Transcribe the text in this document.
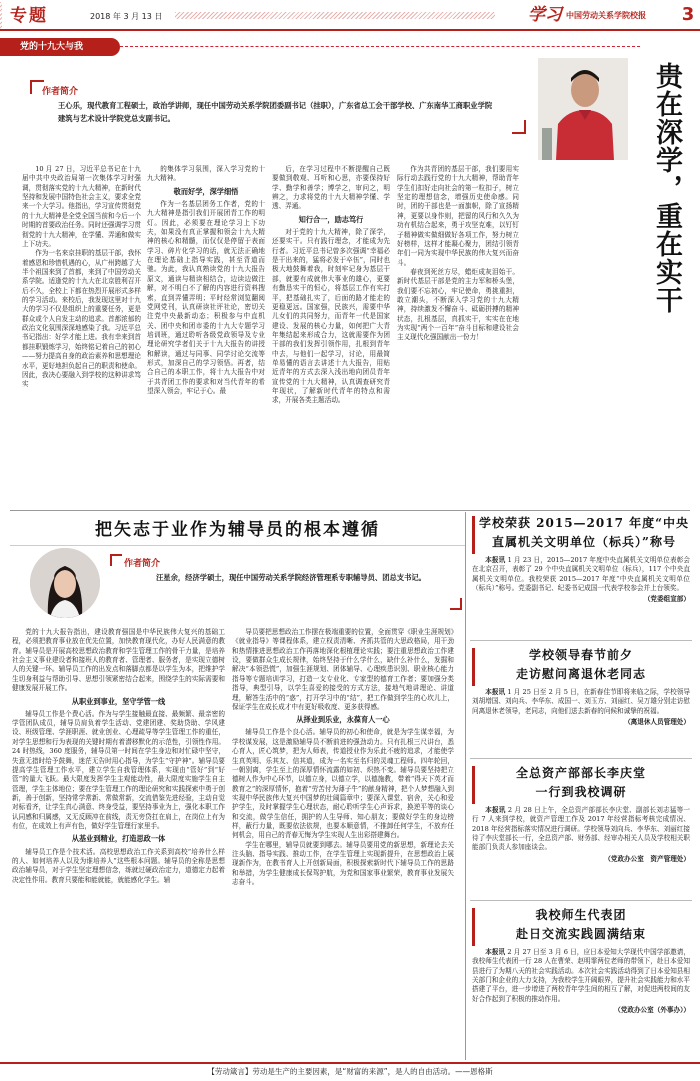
专题	2018 年 3 月 13 日	学习 中国劳动关系学院校报 3
党的十九大与我
作者简介
王心乐，现代教育工程硕士，政治学讲师，现任中国劳动关系学院团委副书记（挂职），广东省总工会干部学校、广东南华工商职业学院建筑与艺术设计学院党总支副书记。	贵在深学，重在实干

10 月 27 日，习近平总书记在十九届中共中央政治局第一次集体学习时强调，贯彻落实党的十九大精神，在新时代坚持和发展中国特色社会主义，要求全党来一个大学习。他指出，学习宣传贯彻党的十九大精神是全党全国当前和今后一个时期的首要政治任务。同时还强调学习贯彻党的十九大精神，在学懂、弄通和做实上下功夫。

作为一名来京挂职的基层干部，我怀着感恩和珍惜机遇的心，从广州跨越了大半个祖国来到了首都，来到了中国劳动关系学院。适逢党的十九大在北京胜利召开后不久，全校上下都在热烈开展形式多样的学习活动。来校后，我发现这里对十九大的学习不仅是组织上的重要任务，更是群众或个人自发主动的追求。首都浓郁的政治文化氛围深深地感染了我。习近平总书记指出：好学才能上进。我有幸来到首都挂职锻炼学习，始终铭记着自己的初心——努力提高自身的政治素养和思想理论水平，更好地担负起自己的职责和使命。因此，我决心要融入到学校的这种讲求笃实

的集体学习氛围，深入学习党的十九大精神。

敬而好学，深学细悟

作为一名基层团务工作者，党的十九大精神是指引我们开展团青工作的明灯。因此，必须要在理论学习上下功夫，如果没有真正掌握和领会十九大精神的核心和精髓，而仅仅是停留于表面学习、碎片化学习的话，就无法正确地在理论基础上指导实践，甚至背道而驰。为此，我认真熟读党的十九大报告原文，通读与精读相结合，边读边做注解，对不明白不了解的内容进行资料搜索，直到弄懂弄明；平时经常浏览翻阅党网党刊，认真研读社评社论，密切关注党中央最新动态；积极参与中直机关、团中央和团市委的十九大专题学习培训班，通过聆听各级党政领导及专业理论研究学者们关于十九大报告的讲授和解读，通过与同事、同学讨论交流等形式，加深自己的学习领悟。再者，结合自己的本职工作，将十九大报告中对于共青团工作的要求和对当代青年的希望深入领会，牢记于心。最

后，在学习过程中不断提醒自己既要做到敬观、耳听和心思，亦要保持好学、勤学和善学；博学之，审问之，明辨之，力求将党的十九大精神学懂、学透、弄通。

知行合一，励志笃行

对于党的十九大精神，除了深学，还要实干。只有践行理念，才能成为先行者。习近平总书记曾多次强调“幸福必是干出来的，猛将必发于卒伍”，同时也极大地鼓舞着我，时刻牢记身为基层干部，就要有成就伟大事业的雄心，更要有勤恳实干的恒心，将基层工作有实打平，把基础扎实了，后面的路才能走的更稳更远。国家强，民族兴，需要中华儿女们的共同努力，而青年一代是国家建设、发展的核心力量，如何把广大青年集结起来形成合力，这就需要作为团干部的我们发挥引领作用，扎根到青年中去，与他们一起学习，讨论，用最简单易懂的语言去讲述十九大报告，用贴近青年的方式去深入浅出地向团员青年宣传党的十九大精神，认真调查研究青年现状，了解新时代青年的特点和需求，开展各类主题活动。

作为共青团的基层干部，我们要用实际行动去践行党的十九大精神，帮助青年学生们扣好走向社会的第一粒扣子，树立坚定的理想信念，增强历史使命感。同时，团的干部也是一面旗帜，除了宣扬精神，更要以身作则，把留的风行和久久为功有机结合起来，勇于攻坚克难，以钉钉子精神做实做细做好各项工作，努力树立好榜样，这样才能凝心聚力，团结引领青年们一同为实现中华民族的伟大复兴而奋斗。

春夜到死丝方尽，蜡炬成灰泪始干。新时代基层干部是党的主力军和桥头堡，我们要不忘初心，牢记使命，勇挑重担，敢立潮头，不断深入学习党的十九大精神，持续激发不懈奋斗、砥砺拼搏的精神状态，扎根基层，真抓实干，实实在在地为实现“两个一百年”奋斗目标和建设社会主义现代化强国献出一份力！

把矢志于业作为辅导员的根本遵循
作者简介
汪星余，经济学硕士，现任中国劳动关系学院经济管理系专职辅导员、团总支书记。

党的十九大报告指出，建设教育强国是中华民族伟大复兴的基础工程，必须把教育事业放在优先位置，加快教育现代化，办好人民满意的教育。辅导员是开展高校思想政治教育和学生管理工作的骨干力量，是培养社会主义事业建设者和接班人的教育者、管理者、服务者，是实现立德树人的关键一环。辅导员工作的出发点和落脚点都是以学生为本，把维护学生切身利益与帮助引导、思想引领紧密结合起来，围绕学生的实际需要和健康发展开展工作。

从职业到事业，坚守学管一线

辅导员工作是个费心活。作为与学生接触最直接、最频繁、最亲密的学管团队成员，辅导员肩负着学生活动、党建团建、奖助贷助、学风建设、班级管理、学涯职涯、就业创业、心理疏导等学生管理工作的重任，对学生思想和行为表现的关键时期有着潜移默化的示范性，引领性作用。24 时热线，360 度服务，辅导员第一时间在学生身边和对忙碌中坚守，失意无措时给予鼓舞，迷茫无告时用心指导，为学生“守护神”。辅导员要提高学生管理工作水平，建立学生自我管理体系，实现由“管好”到“好管”的量大飞跃。最大限度发挥学生主观能动性，最大限度实施学生自主管理，学生主体地位；要在学生管理工作的理论研究和实践探索中勇于创新，善于创新，坚持常学常新、常做常新，交流借鉴先进经验，主动自觉对标看齐，让学生真心满意、终身受益，要坚持事业为上，强化本职工作认同感和归属感，又无反顾冲在前线，责无旁贷扛在肩上，在岗位上有为有位，在成效上有声有色，做好学生管理行家里手。

从基业到精业，打造思政一体

辅导员工作是个技术活。高校思想政治工作关系到高校“培养什么样的人、如何培养人以及为谁培养人”这些根本问题。辅导员的全称是思想政治辅导员，对于学生坚定理想信念，练就过硬政治定力，道德定力起着决定性作用。教育只要能和能就能，就能感化学生。辅

导员要把思想政治工作摆在极端重要的位置，全面贯穿《职业生涯规划》《就业指导》等课程体系，建立权责清晰、齐抓共管的大思政格局，用干劲和热情推进思想政治工作再落地深化根植理论实践；要注重思想政治工作建设，要做群众生成长规律，始终坚持于什么学什么，缺什么补什么，发掘和解决“本领恐慌”，加强生涯规划、团体辅导、心理疾患识别、职业核心能力指导等专题培训学习，打造一支专业化、专家型的德育工作者；要加强分类指导，典型引导，以学生喜爱的接受的方式方法，接地气地讲理论、讲道理，解答生活中的“惑”，打开学习中的“结”，把工作做到学生的心坎儿上，保证学生在成长成才中有更好吸收度、更多获得感。

从择业到乐业，永葆育人一心

辅导员工作是个良心活。辅导员的初心和使命，就是为学生谋幸福，为学校谋发展，这是激励辅导员不断前进的强劲动力。只有扎根三尺讲台，悉心育人，匠心筑梦，把为人师表，传道授业作为乐此不疲的追求，才能使学生真英明、乐其友、信其道，成为一名实至名归的灵魂工程师。四年轮回，一朝别离，学生至上的深厚情怀流露的如初、炽热不变。辅导员要坚持把立德树人作为中心环节，以德立身，以德立学，以德施教，带着“得天下英才而教育之”的深厚情怀，抱着“劳苦付为薄子牛”的献身精神，把个人梦想融入到实现中华民族伟大复兴中国梦的壮阔篇章中；要深入课堂、宿舍，关心和爱护学生，及时掌握学生心理状态，耐心聆听学生心声诉求，换逆平等的谈心和交流，做学生信任，拥护的人生导师、知心朋友；要做好学生的身边榜样，蔽行力量，既要依法依规，也要本顺意情，不推卸任何学生，不放弃任何机会，用自己的青春无悔为学生实现人生出彩搭建舞台。

学生在哪里，辅导员就要到哪去。辅导员要用党的新思想，新理论去关注头脑、指导实践、推动工作，在学生管理上实现新提升，在思想政治上展现新作为，在教书育人上开创新局面，积极探索新时代下辅导员工作的思路和举措，为学生健康成长保驾护航，为党和国家事业繁荣，教育事业发展矢志奋斗。

学校荣获 2015—2017 年度“中央
直属机关文明单位（标兵）”称号
本报讯 1 月 23 日，2015—2017 年度中央直属机关文明单位表彰会在北京召开，表彰了 29 个中央直属机关文明单位（标兵），117 个中央直属机关文明单位。我校荣获 2015—2017 年度“中央直属机关文明单位（标兵）”称号。党委副书记、纪委书记成国一代表学校参会并上台领奖。
（党委组宣部）
学校领导春节前夕
走访慰问离退休老同志
本报讯 1 月 25 日至 2 月 5 日，在新春佳节即将来临之际，学校领导刘胡增国、刘向兵、李华东、成国一、刘玉方、刘丽红、吴万雄分别走访慰问离退休老领导，老同志，向他们送去新春的问候和诚挚的祝福。
（离退休人员管理处）
全总资产部部长李庆堂
一行到我校调研
本报讯 2 月 28 日上午，全总资产部部长李庆堂、副部长刘志猛等一行 7 人来到学校，就资产管理工作及 2017 年经营指标考核完成情况、2018 年经营指标落实情况进行调研。学校领导刘向兵、李华东、刘丽红接待了李庆堂部长一行，全总资产部、财务部、经审办相关人员及学校相关职能部门负责人参加座谈会。
（党政办公室　资产管理处）
我校师生代表团
赴日交流实践圆满结束
本报讯 2 月 27 日至 3 月 6 日，应日本爱知大学现代中国学部邀请，我校师生代表团一行 28 人在曹荣、赵明霏两位老师的带领下，赴日本爱知县进行了为期八天的社会实践活动。本次社会实践活动得到了日本爱知县相关部门和企业的大力支持，为我校学生开阔眼界，提升社会实践能力和水平搭建了平台，进一步增进了两校青年学生间的相互了解，对促进两校间的友好合作起到了积极的推动作用。
（党政办公室（外事办））
【劳动箴言】劳动是生产的主要因素，是“财富的来源”，是人的自由活动。——恩格斯
